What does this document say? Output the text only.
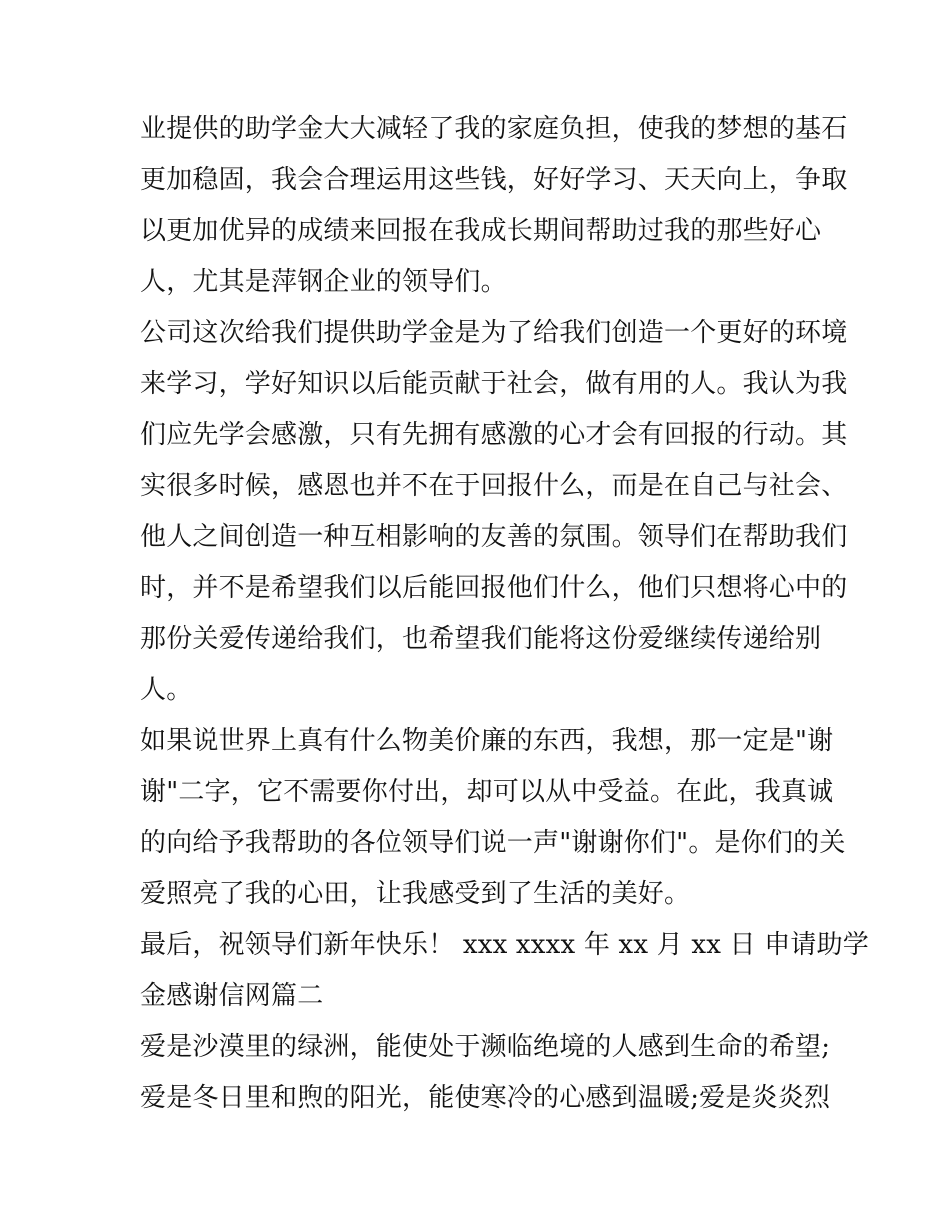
业提供的助学金大大减轻了我的家庭负担，使我的梦想的基石
更加稳固，我会合理运用这些钱，好好学习、天天向上，争取
以更加优异的成绩来回报在我成长期间帮助过我的那些好心
人，尤其是萍钢企业的领导们。
公司这次给我们提供助学金是为了给我们创造一个更好的环境
来学习，学好知识以后能贡献于社会，做有用的人。我认为我
们应先学会感激，只有先拥有感激的心才会有回报的行动。其
实很多时候，感恩也并不在于回报什么，而是在自己与社会、
他人之间创造一种互相影响的友善的氛围。领导们在帮助我们
时，并不是希望我们以后能回报他们什么，他们只想将心中的
那份关爱传递给我们，也希望我们能将这份爱继续传递给别
人。
如果说世界上真有什么物美价廉的东西，我想，那一定是"谢
谢"二字，它不需要你付出，却可以从中受益。在此，我真诚
的向给予我帮助的各位领导们说一声"谢谢你们"。是你们的关
爱照亮了我的心田，让我感受到了生活的美好。
最后，祝领导们新年快乐！ xxx xxxx 年 xx 月 xx 日 申请助学
金感谢信网篇二
爱是沙漠里的绿洲，能使处于濒临绝境的人感到生命的希望;
爱是冬日里和煦的阳光，能使寒冷的心感到温暖;爱是炎炎烈
